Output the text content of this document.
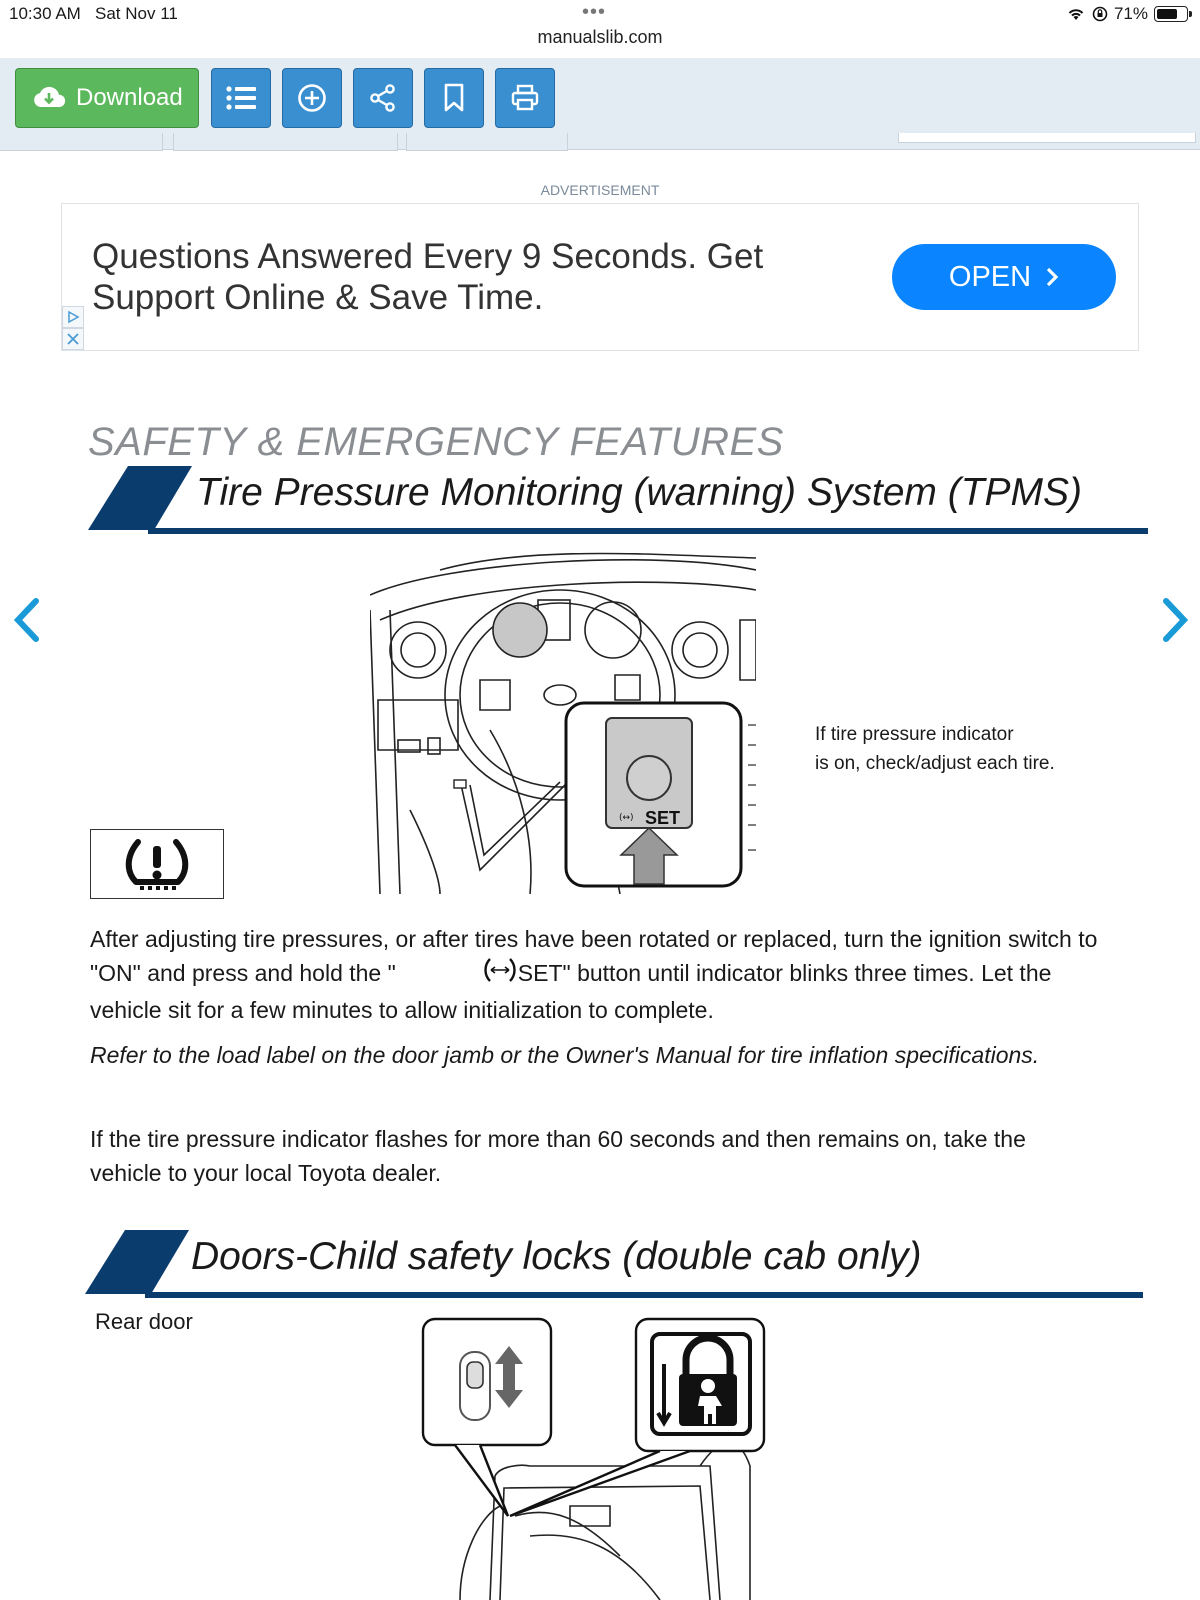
10:30 AM Sat Nov 11	•••	71%
manualslib.com
Download
ADVERTISEMENT
Questions Answered Every 9 Seconds. Get Support Online & Save Time.
OPEN
SAFETY & EMERGENCY FEATURES
Tire Pressure Monitoring (warning) System (TPMS)
(↔) SET
If tire pressure indicator
is on, check/adjust each tire.
After adjusting tire pressures, or after tires have been rotated or replaced, turn the ignition switch to "ON" and press and hold the "	SET" button until indicator blinks three times. Let the vehicle sit for a few minutes to allow initialization to complete.
Refer to the load label on the door jamb or the Owner's Manual for tire inflation specifications.
If the tire pressure indicator flashes for more than 60 seconds and then remains on, take the vehicle to your local Toyota dealer.
Doors-Child safety locks (double cab only)
Rear door
